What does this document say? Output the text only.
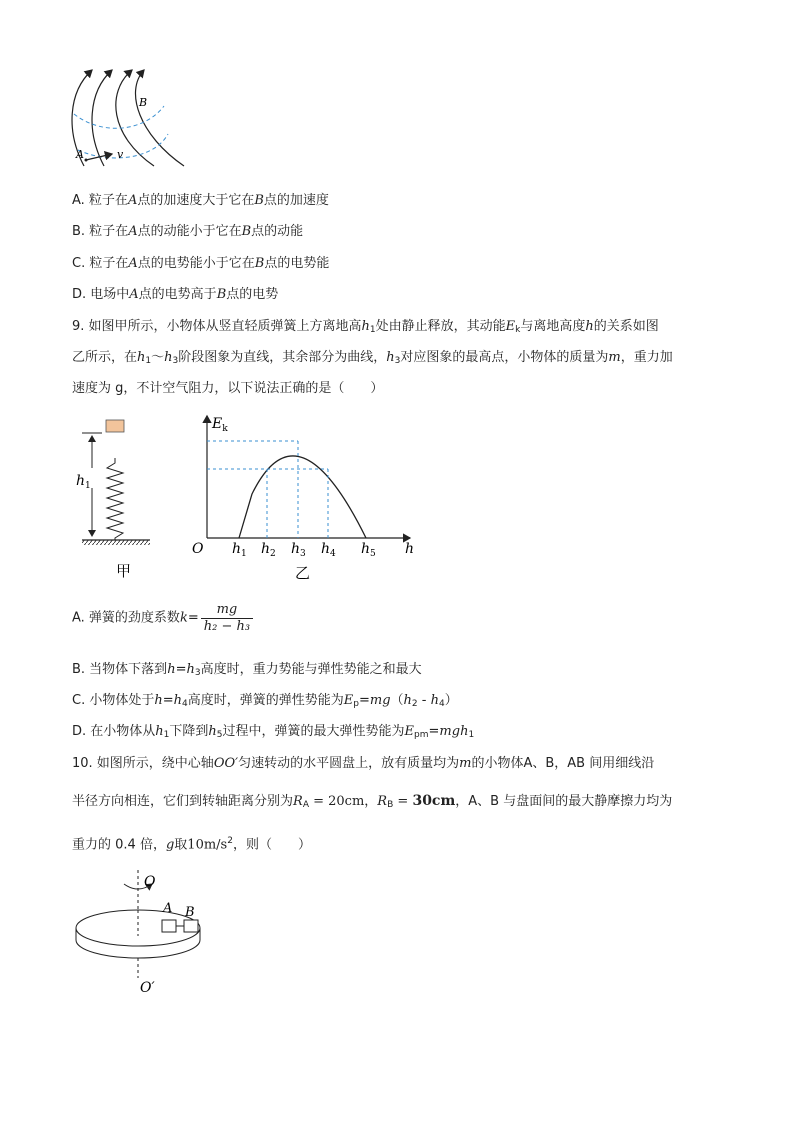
A	v
B
A. 粒子在A点的加速度大于它在B点的加速度
B. 粒子在A点的动能小于它在B点的动能
C. 粒子在A点的电势能小于它在B点的电势能
D. 电场中A点的电势高于B点的电势
9. 如图甲所示，小物体从竖直轻质弹簧上方离地高$h_1$处由静止释放，其动能$E_k$与离地高度h的关系如图
乙所示，在$h_1\sim h_3$阶段图象为直线，其余部分为曲线，$h_3$对应图象的最高点，小物体的质量为m，重力加
速度为 g，不计空气阻力，以下说法正确的是（　　）
$h_1$
甲
$E_k$
O	h
$h_1$ $h_2$ $h_3$ $h_4$ $h_5$
乙
A. 弹簧的劲度系数$k= \frac{mg}{\text{h₂ − h₃}}$
B. 当物体下落到$h=h_3$高度时，重力势能与弹性势能之和最大
C. 小物体处于$h=h_4$高度时，弹簧的弹性势能为$E_p=mg(h_2 - h_4)$
D. 在小物体从$h_1$下降到$h_5$过程中，弹簧的最大弹性势能为$E_{pm}=mgh_1$
10. 如图所示，绕中心轴OO′匀速转动的水平圆盘上，放有质量均为m的小物体A、B，AB 间用细线沿
半径方向相连，它们到转轴距离分别为$R_A = 20cm$，$R_B = 30cm$，A、B 与盘面间的最大静摩擦力均为
重力的 0.4 倍，g取$10m/s^2$，则（　　）
O
A B
O′
